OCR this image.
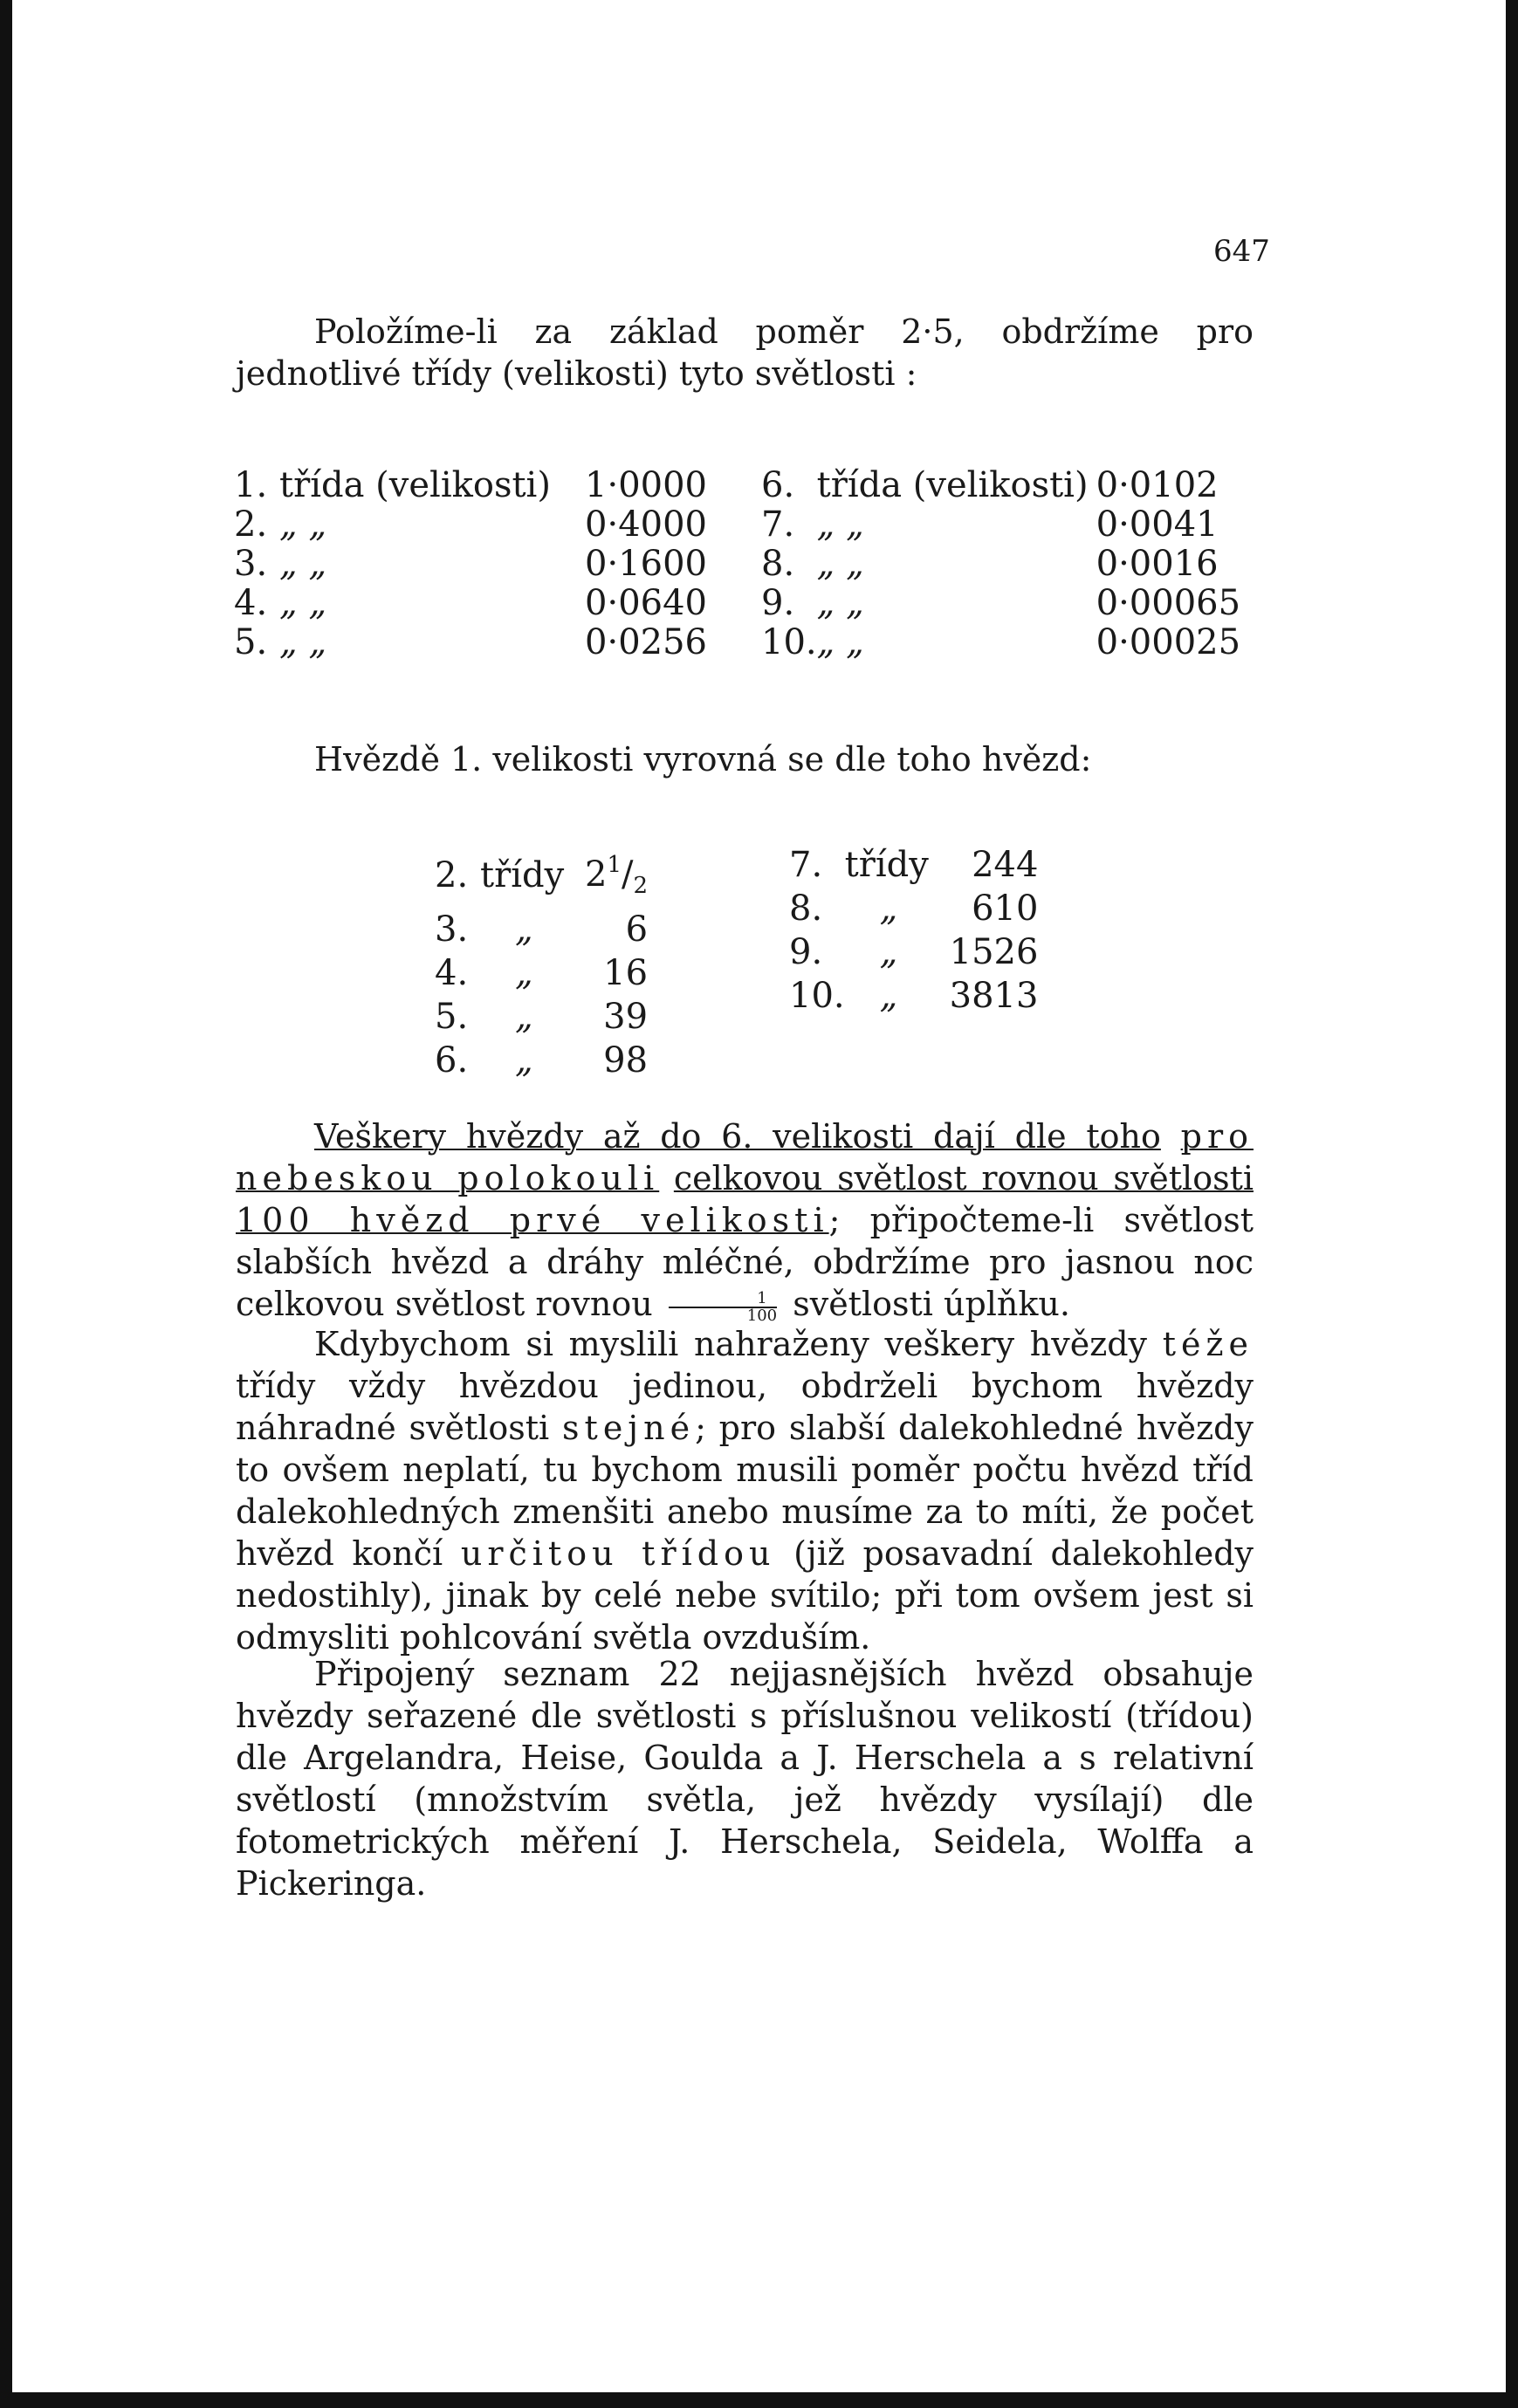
647
Položíme-li za základ poměr 2·5, obdržíme pro jednotlivé třídy (velikosti) tyto světlosti :
1.	třída (velikosti)	1·0000
2.	„ „	0·4000
3.	„ „	0·1600
4.	„ „	0·0640
5.	„ „	0·0256
6.	třída (velikosti)	0·0102
7.	„ „	0·0041
8.	„ „	0·0016
9.	„ „	0·00065
10.	„ „	0·00025
Hvězdě 1. velikosti vyrovná se dle toho hvězd:
2.	třídy	$2^1/_2$
3.	„	6
4.	„	16
5.	„	39
6.	„	98
7.	třídy	244
8.	„	610
9.	„	1526
10.	„	3813
Veškery hvězdy až do 6. velikosti dají dle toho pro nebeskou polokouli celkovou světlost rovnou světlosti 100 hvězd prvé velikosti; připočteme-li světlost slabších hvězd a dráhy mléčné, obdržíme pro jasnou noc celkovou světlost rovnou $\frac{1}{100}$ světlosti úplňku.
Kdybychom si myslili nahraženy veškery hvězdy téže třídy vždy hvězdou jedinou, obdrželi bychom hvězdy náhradné světlosti stejné; pro slabší dalekohledné hvězdy to ovšem neplatí, tu bychom musili poměr počtu hvězd tříd dalekohledných zmenšiti anebo musíme za to míti, že počet hvězd končí určitou třídou (již posavadní dalekohledy nedostihly), jinak by celé nebe svítilo; při tom ovšem jest si odmysliti pohlcování světla ovzduším.
Připojený seznam 22 nejjasnějších hvězd obsahuje hvězdy seřazené dle světlosti s příslušnou velikostí (třídou) dle Argelandra, Heise, Goulda a J. Herschela a s relativní světlostí (množstvím světla, jež hvězdy vysílají) dle fotometrických měření J. Herschela, Seidela, Wolffa a Pickeringa.
